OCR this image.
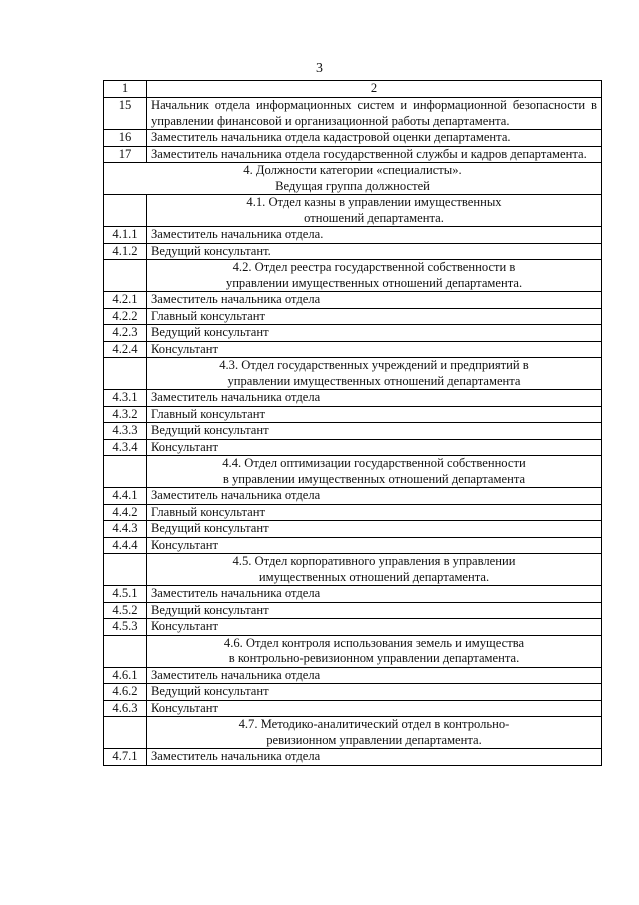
3
1	2
15	Начальник отдела информационных систем и информационной безопасности в управлении финансовой и организационной работы департамента.
16	Заместитель начальника отдела кадастровой оценки департамента.
17	Заместитель начальника отдела государственной службы и кадров департамента.

4. Должности категории «специалисты».
Ведущая группа должностей	

	4.1. Отдел казны в управлении имущественных
отношений департамента.

4.1.1	Заместитель начальника отдела.
4.1.2	Ведущий консультант.

	4.2. Отдел реестра государственной собственности в
управлении имущественных отношений департамента.

4.2.1	Заместитель начальника отдела
4.2.2	Главный консультант
4.2.3	Ведущий консультант
4.2.4	Консультант

	4.3. Отдел государственных учреждений и предприятий в
управлении имущественных отношений департамента

4.3.1	Заместитель начальника отдела
4.3.2	Главный консультант
4.3.3	Ведущий консультант
4.3.4	Консультант

	4.4. Отдел оптимизации государственной собственности
в управлении имущественных отношений департамента

4.4.1	Заместитель начальника отдела
4.4.2	Главный консультант
4.4.3	Ведущий консультант
4.4.4	Консультант

	4.5. Отдел корпоративного управления в управлении
имущественных отношений департамента.

4.5.1	Заместитель начальника отдела
4.5.2	Ведущий консультант
4.5.3	Консультант

	4.6. Отдел контроля использования земель и имущества
в контрольно-ревизионном управлении департамента.

4.6.1	Заместитель начальника отдела
4.6.2	Ведущий консультант
4.6.3	Консультант

	4.7. Методико-аналитический отдел в контрольно-
ревизионном управлении департамента.

4.7.1	Заместитель начальника отдела
